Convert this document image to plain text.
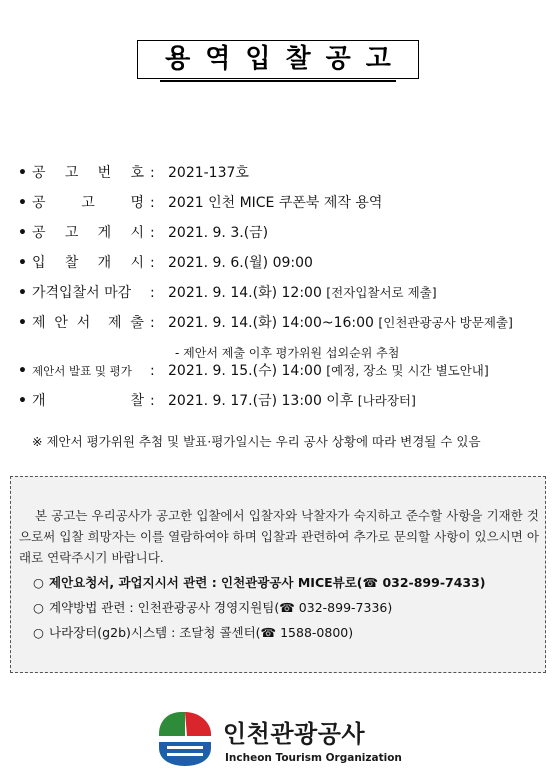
용역입찰공고
• 공 고 번 호 : 2021-137호
• 공	고	명 : 2021 인천 MICE 쿠폰북 제작 용역
• 공 고 게 시 : 2021. 9. 3.(금)
• 입 찰 개 시 : 2021. 9. 6.(월) 09:00
• 가격입찰서 마감 : 2021. 9. 14.(화) 12:00 [전자입찰서로 제출]
• 제 안 서 제 출 : 2021. 9. 14.(화) 14:00~16:00 [인천관광공사 방문제출]
• 제안서 발표 및 평가 : 2021. 9. 15.(수) 14:00 [예정, 장소 및 시간 별도안내]
• 개	찰 : 2021. 9. 17.(금) 13:00 이후 [나라장터]
- 제안서 제출 이후 평가위원 섭외순위 추첨
※ 제안서 평가위원 추첨 및 발표·평가일시는 우리 공사 상황에 따라 변경될 수 있음

본 공고는 우리공사가 공고한 입찰에서 입찰자와 낙찰자가 숙지하고 준수할 사항을 기재한 것으로써 입찰 희망자는 이를 열람하여야 하며 입찰과 관련하여 추가로 문의할 사항이 있으시면 아래로 연락주시기 바랍니다.

○ 제안요청서, 과업지시서 관련 : 인천관광공사 MICE뷰로(☎ 032-899-7433)
○ 계약방법 관련 : 인천관광공사 경영지원팀(☎ 032-899-7336)
○ 나라장터(g2b)시스템 : 조달청 콜센터(☎ 1588-0800)
인천관광공사
Incheon Tourism Organization
